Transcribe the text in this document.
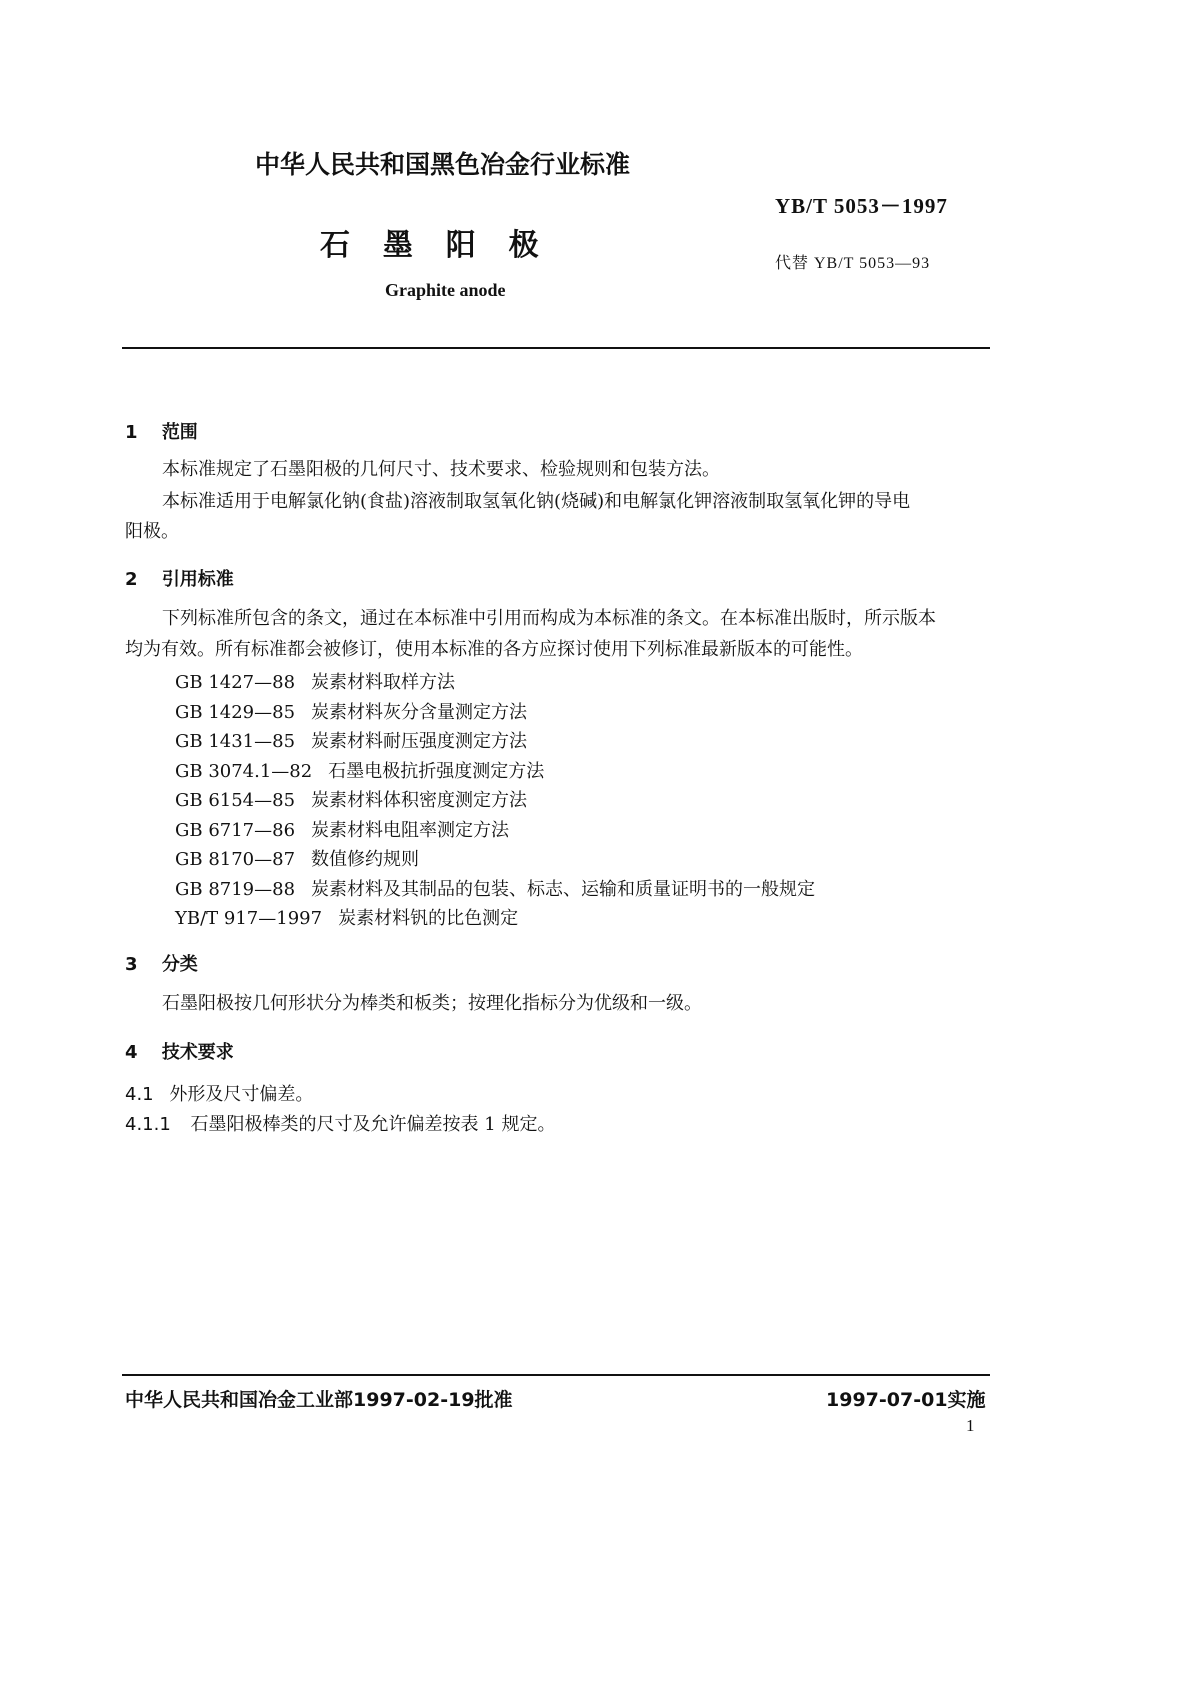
中华人民共和国黑色冶金行业标准
YB/T 5053－1997
石  墨  阳  极
代替 YB/T 5053—93
Graphite anode
1 范围
本标准规定了石墨阳极的几何尺寸、技术要求、检验规则和包装方法。
本标准适用于电解氯化钠(食盐)溶液制取氢氧化钠(烧碱)和电解氯化钾溶液制取氢氧化钾的导电
阳极。
2 引用标准
下列标准所包含的条文，通过在本标准中引用而构成为本标准的条文。在本标准出版时，所示版本
均为有效。所有标准都会被修订，使用本标准的各方应探讨使用下列标准最新版本的可能性。
GB 1427—88 炭素材料取样方法
GB 1429—85 炭素材料灰分含量测定方法
GB 1431—85 炭素材料耐压强度测定方法
GB 3074.1—82 石墨电极抗折强度测定方法
GB 6154—85 炭素材料体积密度测定方法
GB 6717—86 炭素材料电阻率测定方法
GB 8170—87 数值修约规则
GB 8719—88 炭素材料及其制品的包装、标志、运输和质量证明书的一般规定
YB/T 917—1997 炭素材料钒的比色测定
3 分类
石墨阳极按几何形状分为棒类和板类；按理化指标分为优级和一级。
4 技术要求
4.1 外形及尺寸偏差。
4.1.1 石墨阳极棒类的尺寸及允许偏差按表 1 规定。
中华人民共和国冶金工业部1997-02-19批准	1997-07-01实施
1
